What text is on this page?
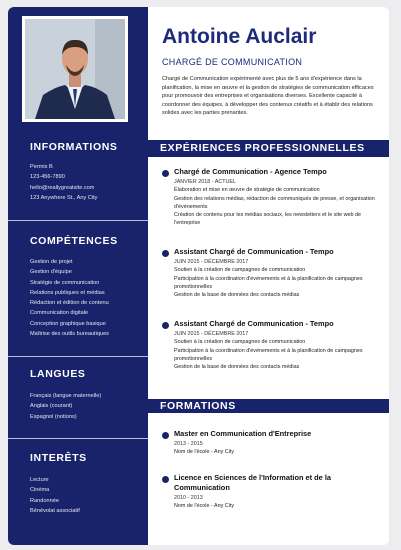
INFORMATIONS
Permis B
123-456-7890
hello@reallygreatsite.com
123 Anywhere St., Any City
COMPÉTENCES
Gestion de projet
Gestion d'équipe
Stratégie de communication
Relations publiques et médias
Rédaction et édition de contenu
Communication digitale
Conception graphique basique
Maîtrise des outils bureautiques
LANGUES
Français (langue maternelle)
Anglais (courant)
Espagnol (notions)
INTERÊTS
Lecture
Cinéma
Randonnée
Bénévolat associatif
Antoine Auclair
CHARGÉ DE COMMUNICATION
Chargé de Communication expérimenté avec plus de 5 ans d'expérience dans la planification, la mise en œuvre et la gestion de stratégies de communication efficaces pour promouvoir des entreprises et organisations diverses. Excellente capacité à coordonner des équipes, à développer des contenus créatifs et à établir des relations solides avec les parties prenantes.
EXPÉRIENCES PROFESSIONNELLES
Chargé de Communication - Agence Tempo
JANVIER 2018 - ACTUEL
Élaboration et mise en œuvre de stratégie de communication
Gestion des relations médias, rédaction de communiqués de presse, et organisation d'événements
Création de contenu pour les médias sociaux, les newsletters et le site web de l'entreprise
Assistant Chargé de Communication - Tempo
JUIN 2015 - DÉCEMBRE 2017
Soutien à la création de campagnes de communication
Participation à la coordination d'événements et à la planification de campagnes promotionnelles
Gestion de la base de données des contacts médias
Assistant Chargé de Communication - Tempo
JUIN 2015 - DÉCEMBRE 2017
Soutien à la création de campagnes de communication
Participation à la coordination d'événements et à la planification de campagnes promotionnelles
Gestion de la base de données des contacts médias
FORMATIONS
Master en Communication d'Entreprise
2013 - 2015
Nom de l'école - Any City
Licence en Sciences de l'Information et de la Communication
2010 - 2013
Nom de l'école - Any City
